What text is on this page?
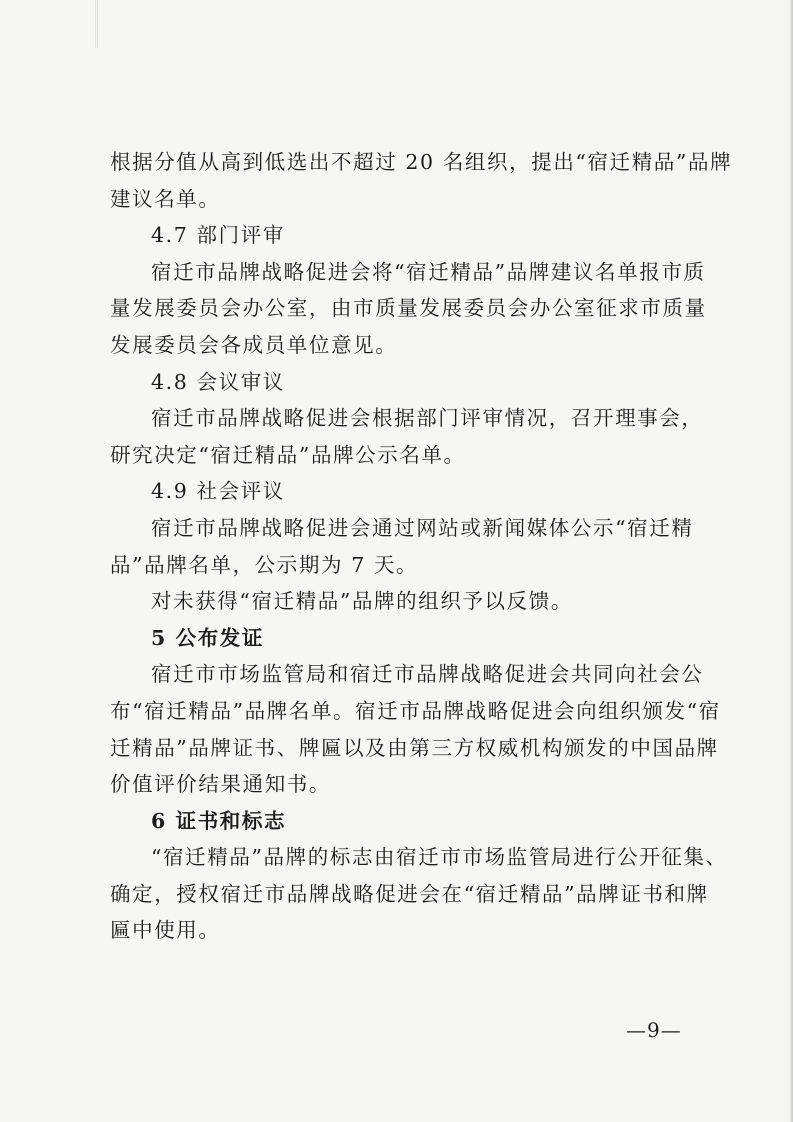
根据分值从高到低选出不超过 20 名组织，提出“宿迁精品”品牌
建议名单。
4.7 部门评审
宿迁市品牌战略促进会将“宿迁精品”品牌建议名单报市质
量发展委员会办公室，由市质量发展委员会办公室征求市质量
发展委员会各成员单位意见。
4.8 会议审议
宿迁市品牌战略促进会根据部门评审情况，召开理事会，
研究决定“宿迁精品”品牌公示名单。
4.9 社会评议
宿迁市品牌战略促进会通过网站或新闻媒体公示“宿迁精
品”品牌名单，公示期为 7 天。
对未获得“宿迁精品”品牌的组织予以反馈。
5 公布发证
宿迁市市场监管局和宿迁市品牌战略促进会共同向社会公
布“宿迁精品”品牌名单。宿迁市品牌战略促进会向组织颁发“宿
迁精品”品牌证书、牌匾以及由第三方权威机构颁发的中国品牌
价值评价结果通知书。
6 证书和标志
“宿迁精品”品牌的标志由宿迁市市场监管局进行公开征集、
确定，授权宿迁市品牌战略促进会在“宿迁精品”品牌证书和牌
匾中使用。
—9—
